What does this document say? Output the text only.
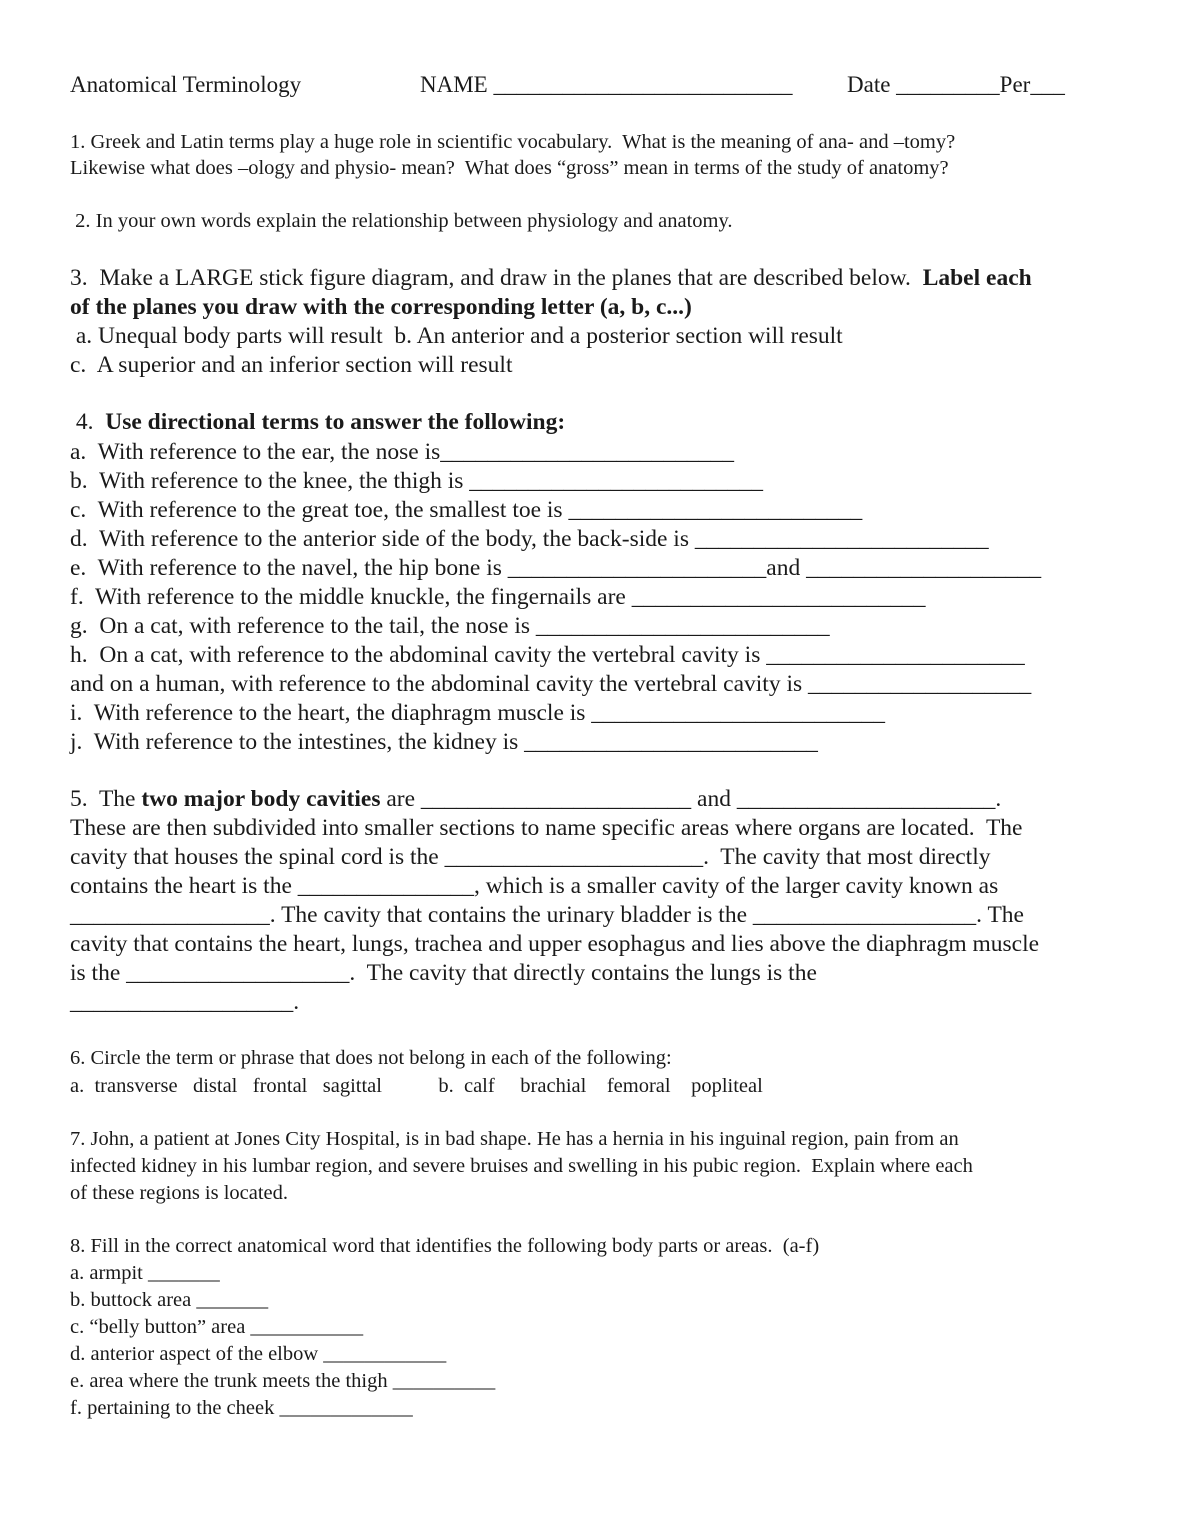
Anatomical Terminology	NAME __________________________ Date _________Per___
1. Greek and Latin terms play a huge role in scientific vocabulary.  What is the meaning of ana- and –tomy?
Likewise what does –ology and physio- mean?  What does “gross” mean in terms of the study of anatomy?
2. In your own words explain the relationship between physiology and anatomy.
3.  Make a LARGE stick figure diagram, and draw in the planes that are described below.  Label each
of the planes you draw with the corresponding letter (a, b, c...)
a. Unequal body parts will result  b. An anterior and a posterior section will result
c.  A superior and an inferior section will result
4.  Use directional terms to answer the following:
a.  With reference to the ear, the nose is_________________________
b.  With reference to the knee, the thigh is _________________________
c.  With reference to the great toe, the smallest toe is _________________________
d.  With reference to the anterior side of the body, the back-side is _________________________
e.  With reference to the navel, the hip bone is ______________________and ____________________
f.  With reference to the middle knuckle, the fingernails are _________________________
g.  On a cat, with reference to the tail, the nose is _________________________
h.  On a cat, with reference to the abdominal cavity the vertebral cavity is ______________________
and on a human, with reference to the abdominal cavity the vertebral cavity is ___________________
i.  With reference to the heart, the diaphragm muscle is _________________________
j.  With reference to the intestines, the kidney is _________________________
5.  The two major body cavities are _______________________ and ______________________.
These are then subdivided into smaller sections to name specific areas where organs are located.  The
cavity that houses the spinal cord is the ______________________.  The cavity that most directly
contains the heart is the _______________, which is a smaller cavity of the larger cavity known as
_________________. The cavity that contains the urinary bladder is the ___________________. The
cavity that contains the heart, lungs, trachea and upper esophagus and lies above the diaphragm muscle
is the ___________________.  The cavity that directly contains the lungs is the
___________________.
6. Circle the term or phrase that does not belong in each of the following:
a.  transverse   distal   frontal   sagittal           b.  calf     brachial    femoral    popliteal
7. John, a patient at Jones City Hospital, is in bad shape. He has a hernia in his inguinal region, pain from an
infected kidney in his lumbar region, and severe bruises and swelling in his pubic region.  Explain where each
of these regions is located.
8. Fill in the correct anatomical word that identifies the following body parts or areas.  (a-f)
a. armpit _______
b. buttock area _______
c. “belly button” area ___________
d. anterior aspect of the elbow ____________
e. area where the trunk meets the thigh __________
f. pertaining to the cheek _____________
